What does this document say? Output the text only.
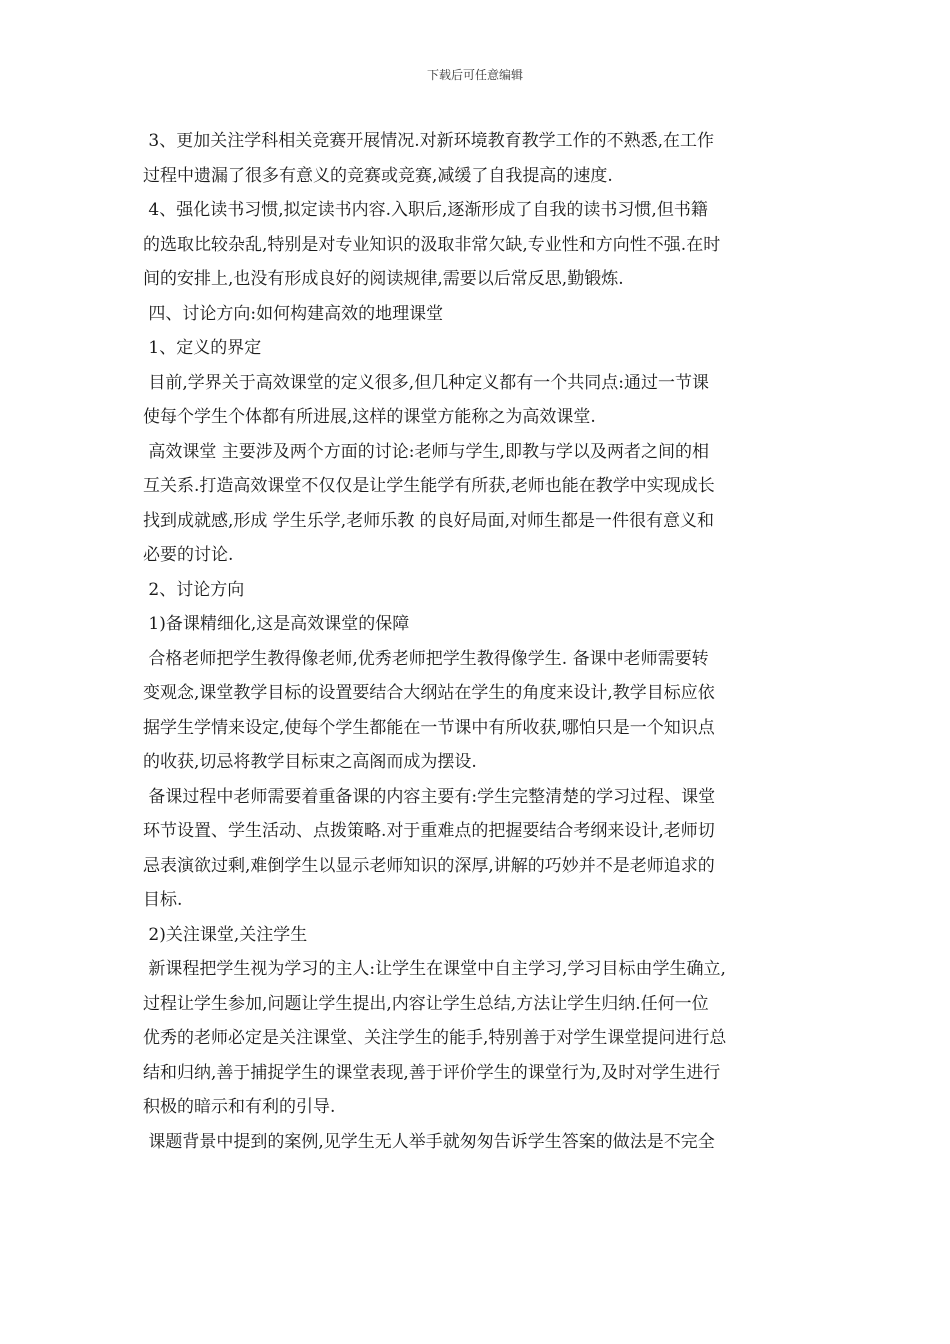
下载后可任意编辑
3、更加关注学科相关竞赛开展情况.对新环境教育教学工作的不熟悉,在工作
过程中遗漏了很多有意义的竞赛或竞赛,减缓了自我提高的速度.
4、强化读书习惯,拟定读书内容.入职后,逐渐形成了自我的读书习惯,但书籍
的选取比较杂乱,特别是对专业知识的汲取非常欠缺,专业性和方向性不强.在时
间的安排上,也没有形成良好的阅读规律,需要以后常反思,勤锻炼.
四、讨论方向:如何构建高效的地理课堂
1、定义的界定
目前,学界关于高效课堂的定义很多,但几种定义都有一个共同点:通过一节课
使每个学生个体都有所进展,这样的课堂方能称之为高效课堂.
高效课堂 主要涉及两个方面的讨论:老师与学生,即教与学以及两者之间的相
互关系.打造高效课堂不仅仅是让学生能学有所获,老师也能在教学中实现成长
找到成就感,形成 学生乐学,老师乐教 的良好局面,对师生都是一件很有意义和
必要的讨论.
2、讨论方向
1)备课精细化,这是高效课堂的保障
合格老师把学生教得像老师,优秀老师把学生教得像学生. 备课中老师需要转
变观念,课堂教学目标的设置要结合大纲站在学生的角度来设计,教学目标应依
据学生学情来设定,使每个学生都能在一节课中有所收获,哪怕只是一个知识点
的收获,切忌将教学目标束之高阁而成为摆设.
备课过程中老师需要着重备课的内容主要有:学生完整清楚的学习过程、课堂
环节设置、学生活动、点拨策略.对于重难点的把握要结合考纲来设计,老师切
忌表演欲过剩,难倒学生以显示老师知识的深厚,讲解的巧妙并不是老师追求的
目标.
2)关注课堂,关注学生
新课程把学生视为学习的主人:让学生在课堂中自主学习,学习目标由学生确立,
过程让学生参加,问题让学生提出,内容让学生总结,方法让学生归纳.任何一位
优秀的老师必定是关注课堂、关注学生的能手,特别善于对学生课堂提问进行总
结和归纳,善于捕捉学生的课堂表现,善于评价学生的课堂行为,及时对学生进行
积极的暗示和有利的引导.
课题背景中提到的案例,见学生无人举手就匆匆告诉学生答案的做法是不完全
